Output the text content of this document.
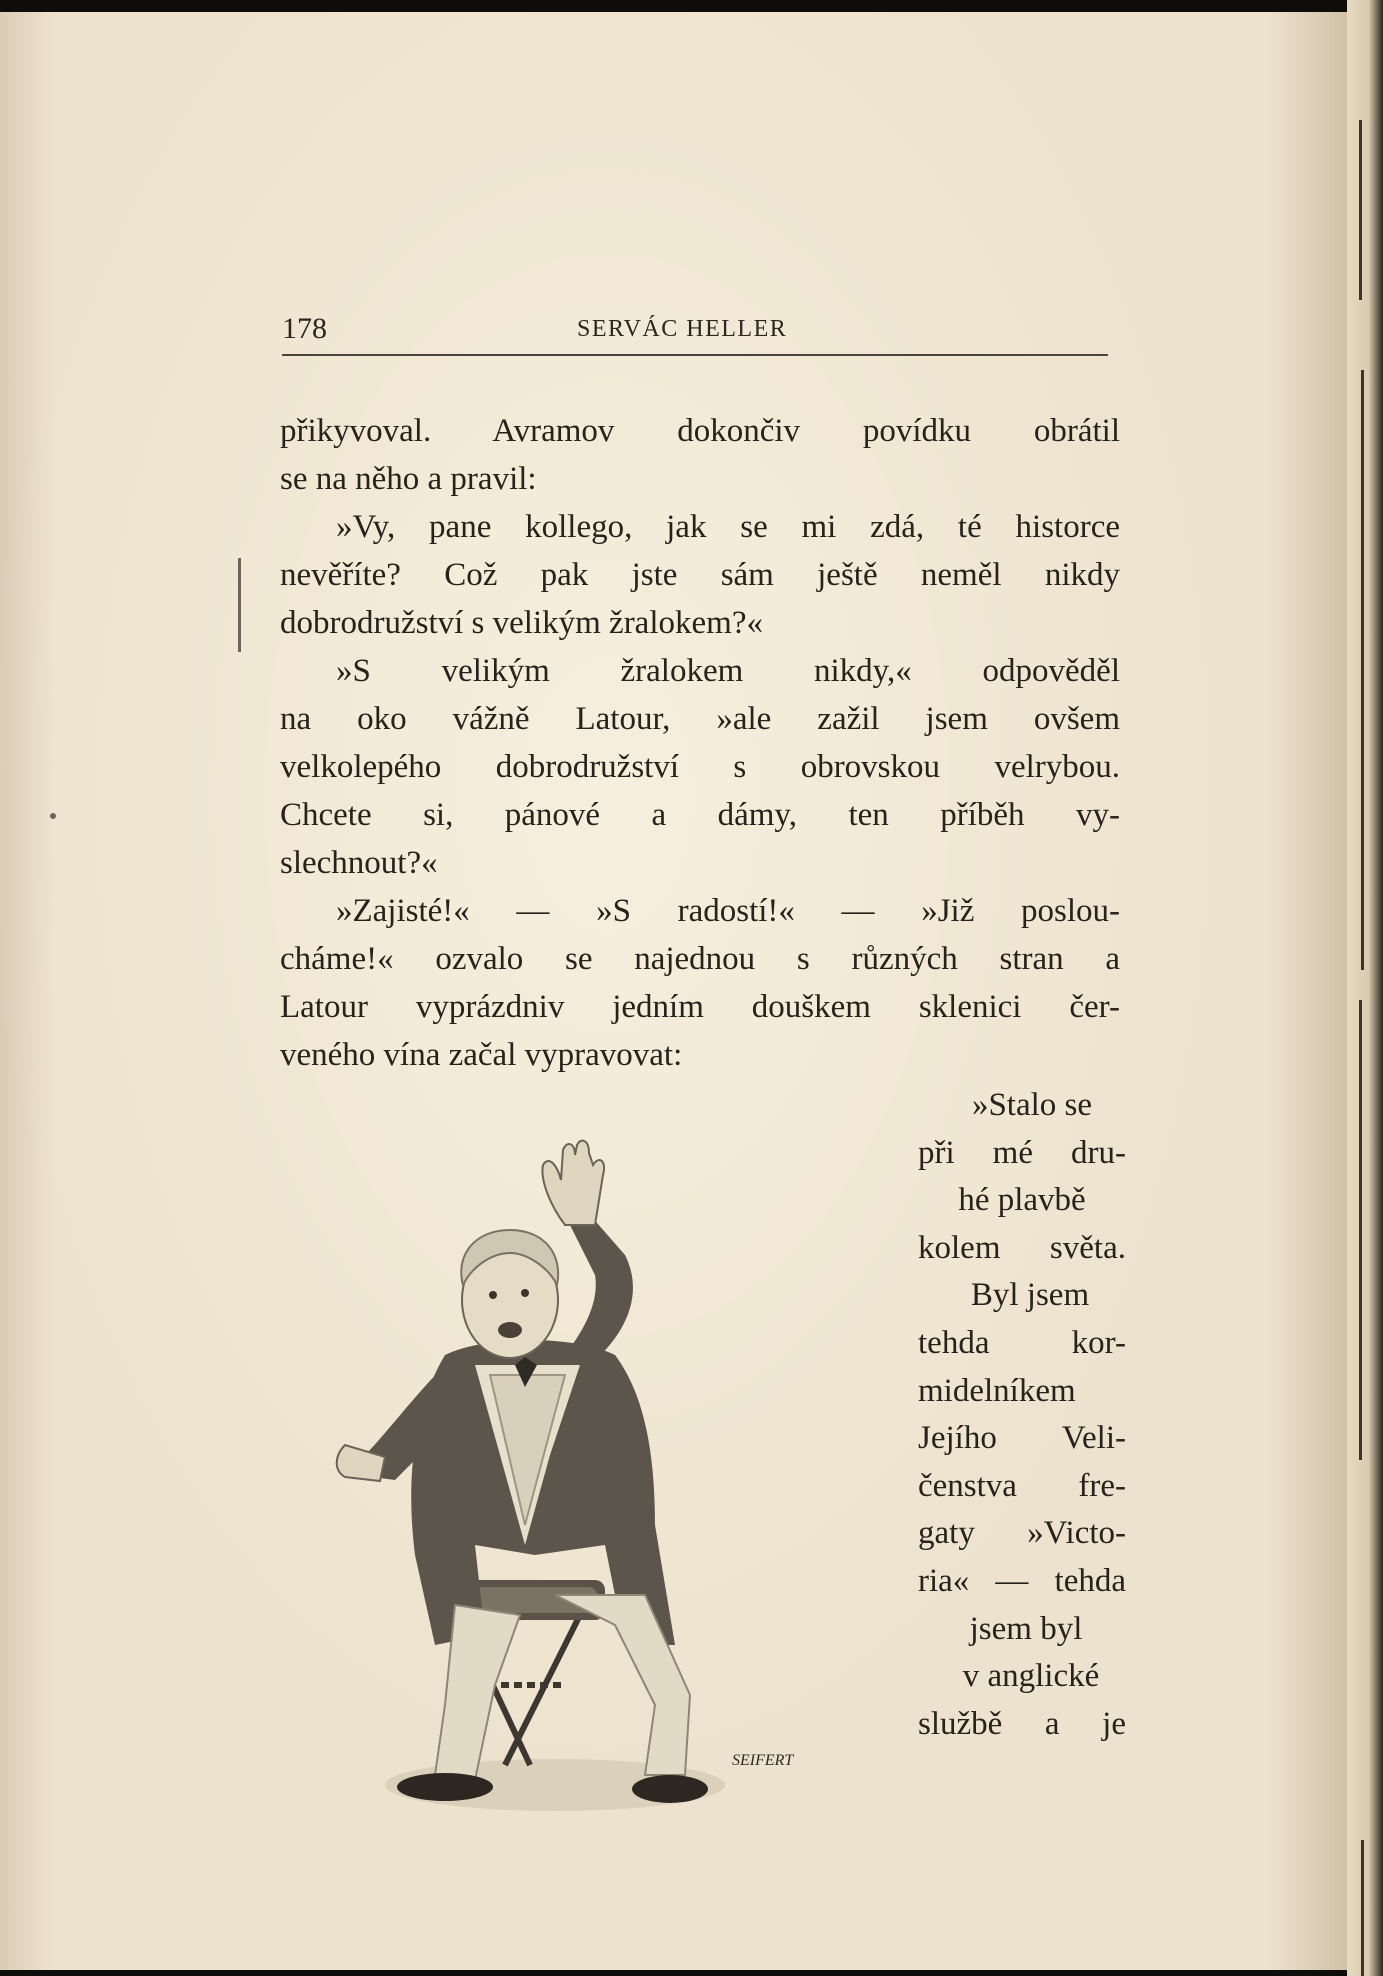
178	SERVÁC HELLER
přikyvoval. Avramov dokončiv povídku obrátil
se na něho a pravil:
»Vy, pane kollego, jak se mi zdá, té historce
nevěříte? Což pak jste sám ještě neměl nikdy
dobrodružství s velikým žralokem?«
»S velikým žralokem nikdy,« odpověděl
na oko vážně Latour, »ale zažil jsem ovšem
velkolepého dobrodružství s obrovskou velrybou.
Chcete si, pánové a dámy, ten příběh vy-
slechnout?«
»Zajisté!« — »S radostí!« — »Již poslou-
cháme!« ozvalo se najednou s různých stran a
Latour vyprázdniv jedním douškem sklenici čer-
veného vína začal vypravovat:
»Stalo se
při mé dru-
hé plavbě
kolem světa.
Byl jsem
tehda kor-
midelníkem
Jejího Veli-
čenstva fre-
gaty »Victo-
ria« — tehda
jsem byl
v anglické
službě a je
SEIFERT
